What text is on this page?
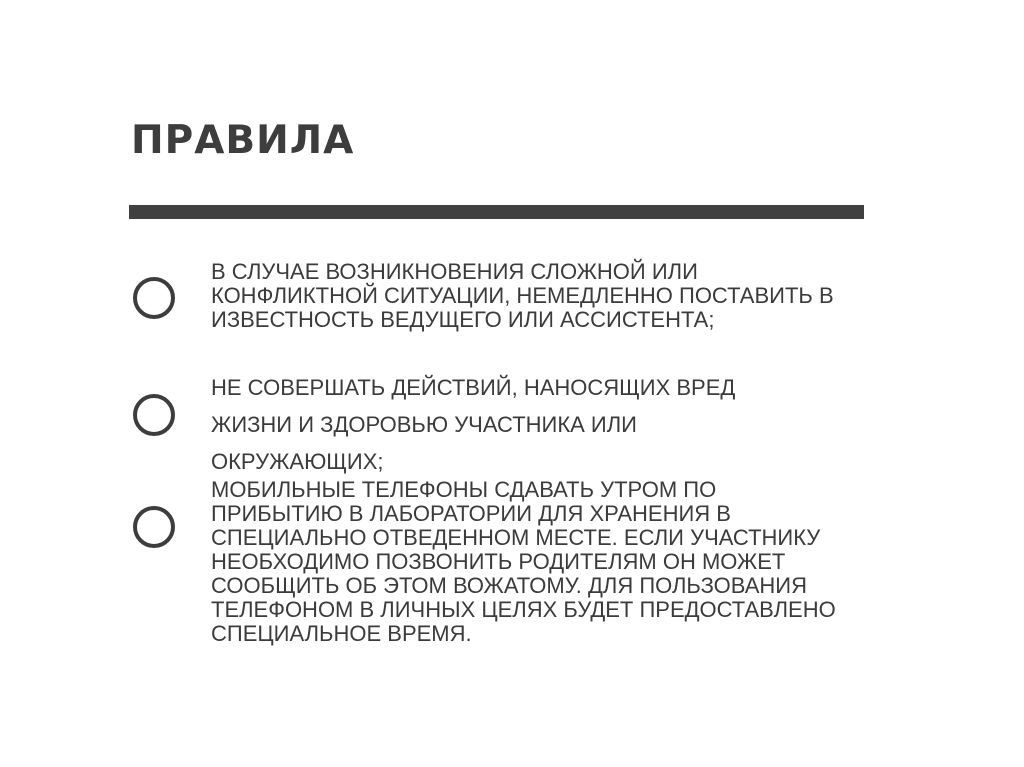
ПРАВИЛА
В СЛУЧАЕ ВОЗНИКНОВЕНИЯ СЛОЖНОЙ ИЛИ
КОНФЛИКТНОЙ СИТУАЦИИ, НЕМЕДЛЕННО ПОСТАВИТЬ В
ИЗВЕСТНОСТЬ ВЕДУЩЕГО ИЛИ АССИСТЕНТА;
НЕ СОВЕРШАТЬ ДЕЙСТВИЙ, НАНОСЯЩИХ ВРЕД
ЖИЗНИ И ЗДОРОВЬЮ УЧАСТНИКА ИЛИ
ОКРУЖАЮЩИХ;
МОБИЛЬНЫЕ ТЕЛЕФОНЫ СДАВАТЬ УТРОМ ПО
ПРИБЫТИЮ В ЛАБОРАТОРИИ ДЛЯ ХРАНЕНИЯ В
СПЕЦИАЛЬНО ОТВЕДЕННОМ МЕСТЕ. ЕСЛИ УЧАСТНИКУ
НЕОБХОДИМО ПОЗВОНИТЬ РОДИТЕЛЯМ ОН МОЖЕТ
СООБЩИТЬ ОБ ЭТОМ ВОЖАТОМУ. ДЛЯ ПОЛЬЗОВАНИЯ
ТЕЛЕФОНОМ В ЛИЧНЫХ ЦЕЛЯХ БУДЕТ ПРЕДОСТАВЛЕНО
СПЕЦИАЛЬНОЕ ВРЕМЯ.
